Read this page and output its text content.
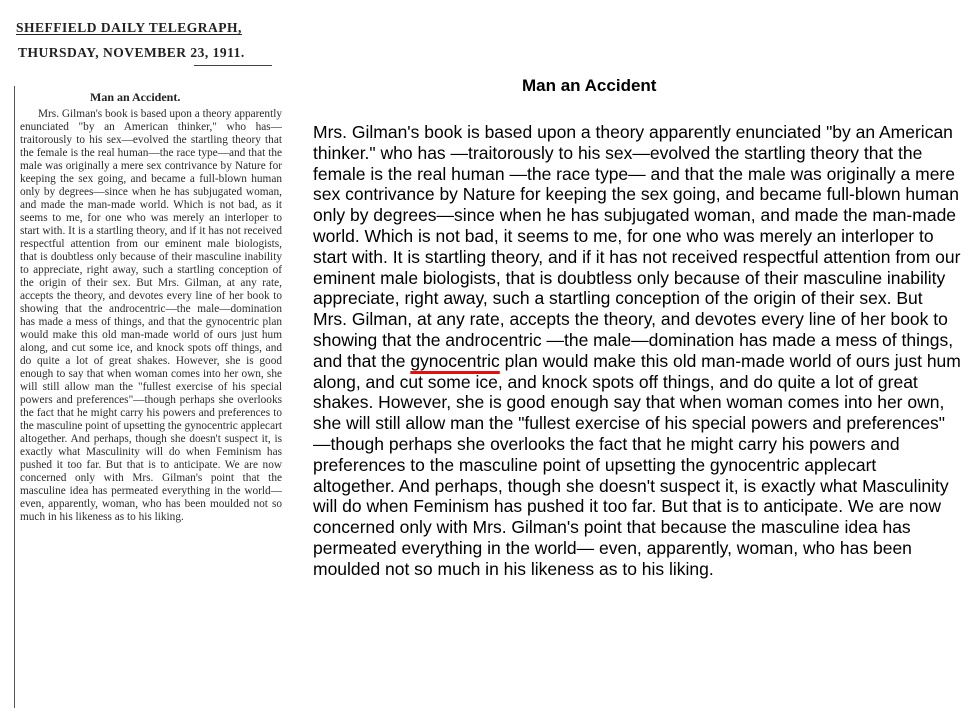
SHEFFIELD DAILY TELEGRAPH,
THURSDAY, NOVEMBER 23, 1911.
Man an Accident.
Mrs. Gilman's book is based upon a theory apparently enunciated "by an American thinker," who has—traitorously to his sex—evolved the startling theory that the female is the real human—the race type—and that the male was originally a mere sex contrivance by Nature for keeping the sex going, and became a full-blown human only by degrees—since when he has subjugated woman, and made the man-made world. Which is not bad, as it seems to me, for one who was merely an interloper to start with. It is a startling theory, and if it has not received respectful attention from our eminent male biologists, that is doubtless only because of their masculine inability to appreciate, right away, such a startling conception of the origin of their sex. But Mrs. Gilman, at any rate, accepts the theory, and devotes every line of her book to showing that the androcentric—the male—domination has made a mess of things, and that the gynocentric plan would make this old man-made world of ours just hum along, and cut some ice, and knock spots off things, and do quite a lot of great shakes. However, she is good enough to say that when woman comes into her own, she will still allow man the "fullest exercise of his special powers and preferences"—though perhaps she overlooks the fact that he might carry his powers and preferences to the masculine point of upsetting the gynocentric applecart altogether. And perhaps, though she doesn't suspect it, is exactly what Masculinity will do when Feminism has pushed it too far. But that is to anticipate. We are now concerned only with Mrs. Gilman's point that the masculine idea has permeated everything in the world—even, apparently, woman, who has been moulded not so much in his likeness as to his liking.
Man an Accident
Mrs. Gilman's book is based upon a theory apparently enunciated "by an American thinker." who has —traitorously to his sex—evolved the startling theory that the female is the real human —the race type— and that the male was originally a mere sex contrivance by Nature for keeping the sex going, and became full-blown human only by degrees—since when he has subjugated woman, and made the man-made world. Which is not bad, it seems to me, for one who was merely an interloper to start with. It is startling theory, and if it has not received respectful attention from our eminent male biologists, that is doubtless only because of their masculine inability appreciate, right away, such a startling conception of the origin of their sex. But Mrs. Gilman, at any rate, accepts the theory, and devotes every line of her book to showing that the androcentric —the male—domination has made a mess of things, and that the gynocentric plan would make this old man-made world of ours just hum along, and cut some ice, and knock spots off things, and do quite a lot of great shakes. However, she is good enough say that when woman comes into her own, she will still allow man the "fullest exercise of his special powers and preferences" —though perhaps she overlooks the fact that he might carry his powers and preferences to the masculine point of upsetting the gynocentric applecart altogether. And perhaps, though she doesn't suspect it, is exactly what Masculinity will do when Feminism has pushed it too far. But that is to anticipate. We are now concerned only with Mrs. Gilman's point that because the masculine idea has permeated everything in the world— even, apparently, woman, who has been moulded not so much in his likeness as to his liking.
